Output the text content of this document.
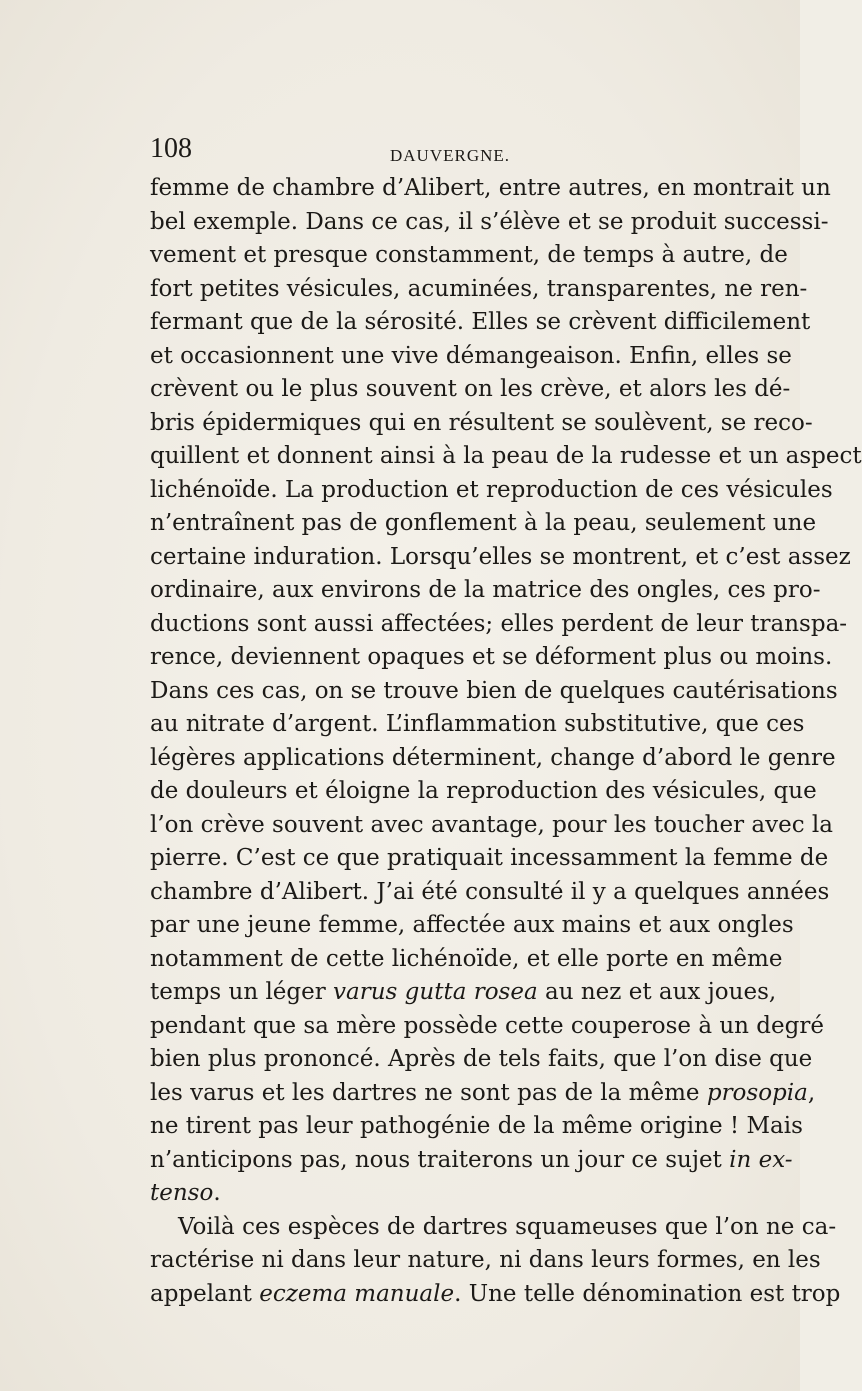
108	DAUVERGNE.
femme de chambre d’Alibert, entre autres, en montrait un
bel exemple. Dans ce cas, il s’élève et se produit successi-
vement et presque constamment, de temps à autre, de
fort petites vésicules, acuminées, transparentes, ne ren-
fermant que de la sérosité. Elles se crèvent difficilement
et occasionnent une vive démangeaison. Enfin, elles se
crèvent ou le plus souvent on les crève, et alors les dé-
bris épidermiques qui en résultent se soulèvent, se reco-
quillent et donnent ainsi à la peau de la rudesse et un aspect
lichénoïde. La production et reproduction de ces vésicules
n’entraînent pas de gonflement à la peau, seulement une
certaine induration. Lorsqu’elles se montrent, et c’est assez
ordinaire, aux environs de la matrice des ongles, ces pro-
ductions sont aussi affectées; elles perdent de leur transpa-
rence, deviennent opaques et se déforment plus ou moins.
Dans ces cas, on se trouve bien de quelques cautérisations
au nitrate d’argent. L’inflammation substitutive, que ces
légères applications déterminent, change d’abord le genre
de douleurs et éloigne la reproduction des vésicules, que
l’on crève souvent avec avantage, pour les toucher avec la
pierre. C’est ce que pratiquait incessamment la femme de
chambre d’Alibert. J’ai été consulté il y a quelques années
par une jeune femme, affectée aux mains et aux ongles
notamment de cette lichénoïde, et elle porte en même
temps un léger varus gutta rosea au nez et aux joues,
pendant que sa mère possède cette couperose à un degré
bien plus prononcé. Après de tels faits, que l’on dise que
les varus et les dartres ne sont pas de la même prosopia,
ne tirent pas leur pathogénie de la même origine ! Mais
n’anticipons pas, nous traiterons un jour ce sujet in ex-
tenso.
Voilà ces espèces de dartres squameuses que l’on ne ca-
ractérise ni dans leur nature, ni dans leurs formes, en les
appelant eczema manuale. Une telle dénomination est trop
